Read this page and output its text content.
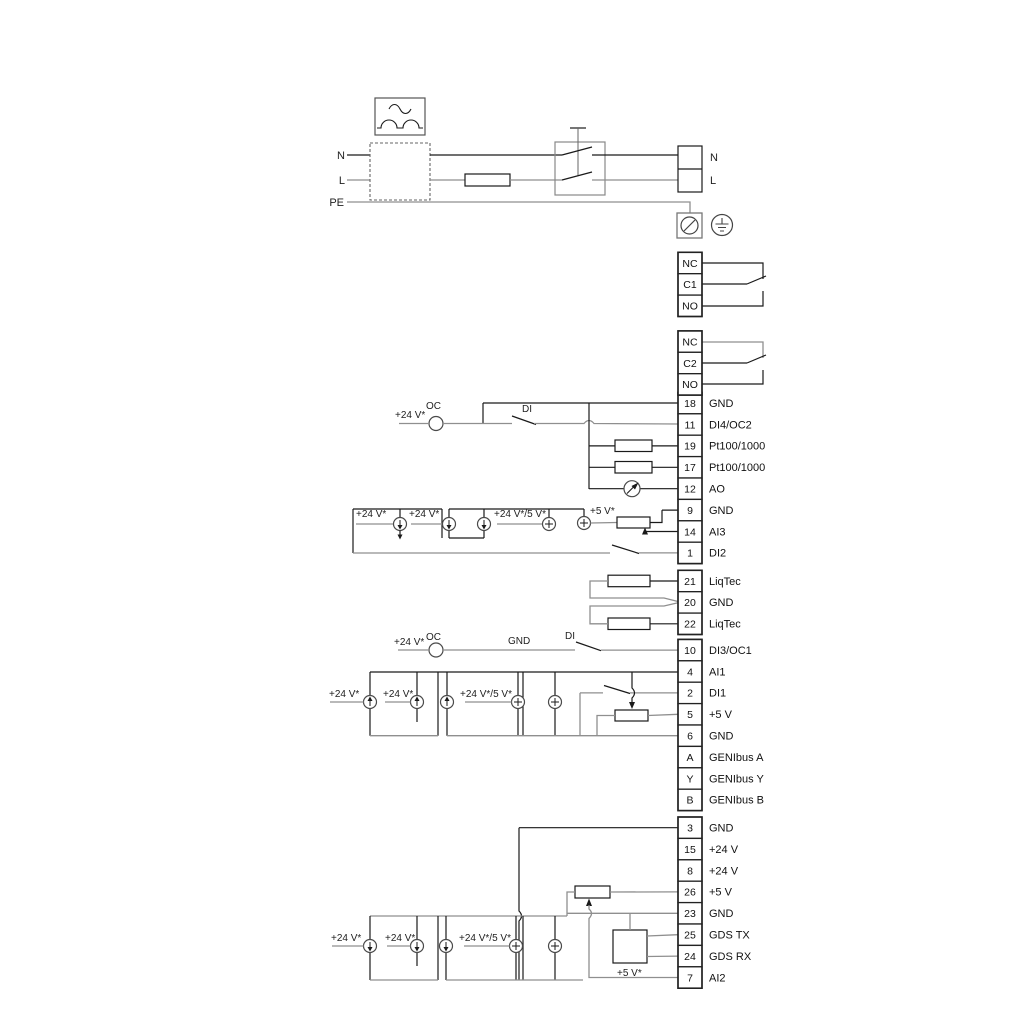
N
L
PE
N
L
+24 V*
OC	DI
+24 V* +24 V*	+24 V*/5 V*	+5 V*
+24 V* OC	GND	DI
+24 V* +24 V*	+24 V*/5 V*
+24 V* +24 V*	+24 V*/5 V*
+5 V*
18 GND
11 DI4/OC2
19 Pt100/1000
17 Pt100/1000
12 AO
9 GND
14 AI3
1 DI2
21 LiqTec
20 GND
22 LiqTec
10 DI3/OC1
4 AI1
2 DI1
5 +5 V
6 GND
A GENIbus A
Y GENIbus Y
B GENIbus B
3 GND
15 +24 V
8 +24 V
26 +5 V
23 GND
25 GDS TX
24 GDS RX
7 AI2
NC
C1
NO
NC
C2
NO
